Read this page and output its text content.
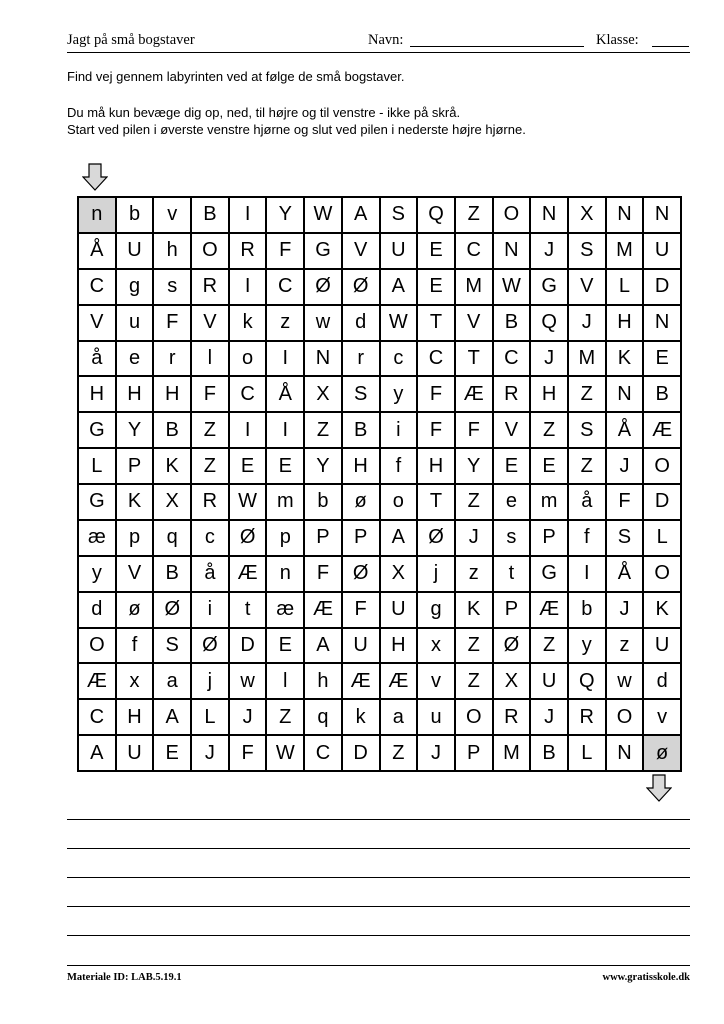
Jagt på små bogstaver	Navn:	Klasse:
Find vej gennem labyrinten ved at følge de små bogstaver.
Du må kun bevæge dig op, ned, til højre og til venstre - ikke på skrå.
Start ved pilen i øverste venstre hjørne og slut ved pilen i nederste højre hjørne.
n	b	v	B	I	Y	W	A	S	Q	Z	O	N	X	N	N
Å	U	h	O	R	F	G	V	U	E	C	N	J	S	M	U
C	g	s	R	I	C	Ø	Ø	A	E	M W	G	V	L	D
V	u	F	V	k	z	w	d	W	T	V	B	Q	J	H	N
å	e	r	l	o	I	N	r	c	C	T	C	J	M	K	E
H	H	H	F	C	Å	X	S	y	F	Æ	R	H	Z	N	B
G	Y	B	Z	I	I	Z	B	i	F	F	V	Z	S	Å	Æ
L	P	K	Z	E	E	Y	H	f	H	Y	E	E	Z	J	O
G	K	X	R	W m	b	ø	o	T	Z	e	m	å	F	D
æ	p	q	c	Ø	p	P	P	A	Ø	J	s	P	f	S	L
y	V	B	å	Æ	n	F	Ø	X	j	z	t	G	I	Å	O
d	ø	Ø	i	t	æ Æ	F	U	g	K	P	Æ	b	J	K
O	f	S	Ø	D	E	A	U	H	x	Z	Ø	Z	y	z	U
Æ	x	a	j	w	l	h	Æ Æ	v	Z	X	U	Q	w	d
C	H	A	L	J	Z	q	k	a	u	O	R	J	R	O	v
A	U	E	J	F	W	C	D	Z	J	P	M	B	L	N	ø
Materiale ID: LAB.5.19.1	www.gratisskole.dk
